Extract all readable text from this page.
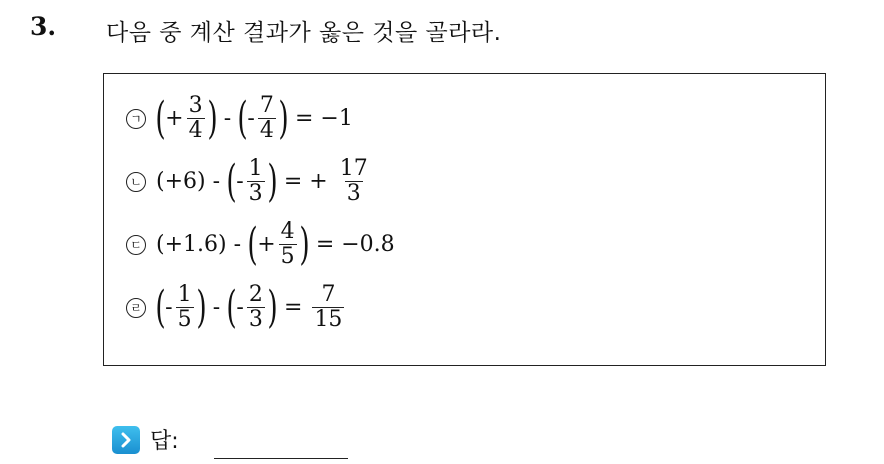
3. 다음 중 계산 결과가 옳은 것을 골라라.
ㄱ ( + $\frac{3}{4}$ ) - ( - $\frac{7}{4}$ ) = −1
ㄴ (+6) - ( - $\frac{1}{3}$ ) = + $\frac{17}{3}$
ㄷ (+1.6) - ( + $\frac{4}{5}$ ) = −0.8
ㄹ ( - $\frac{1}{5}$ ) - ( - $\frac{2}{3}$ ) = $\frac{7}{15}$
답:
